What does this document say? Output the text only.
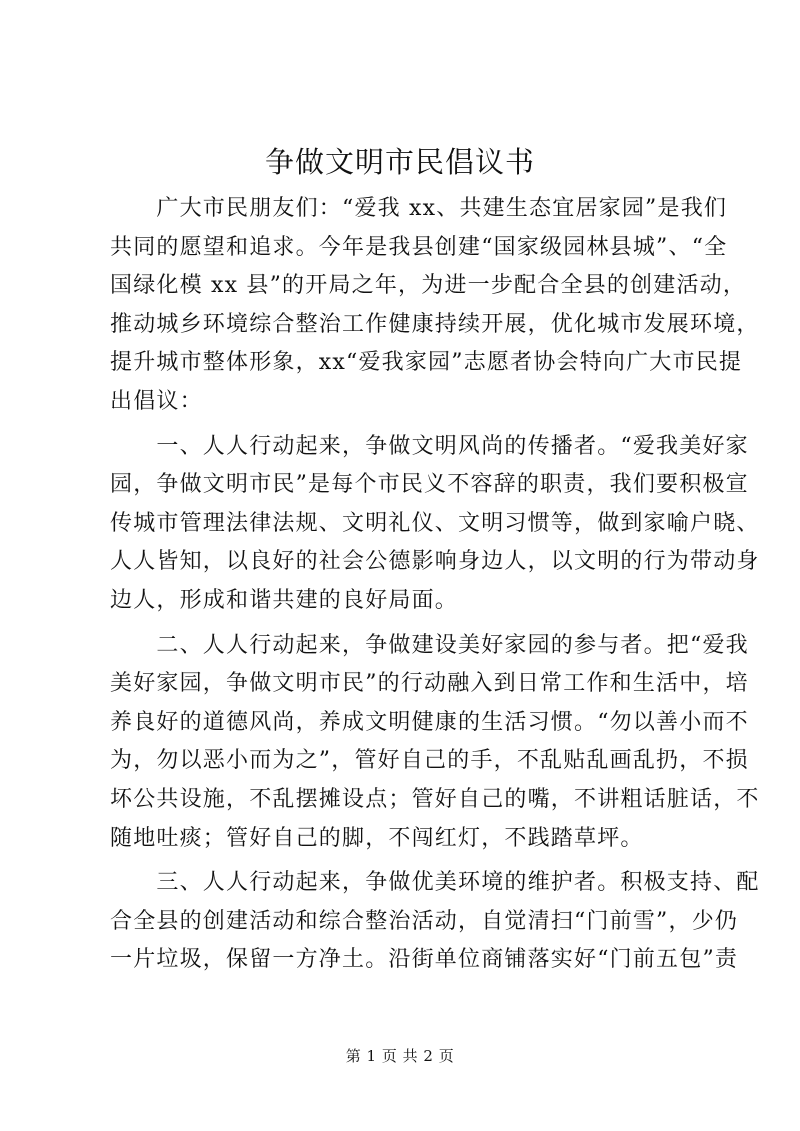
争做文明市民倡议书
　　广大市民朋友们：“爱我 xx、共建生态宜居家园”是我们
共同的愿望和追求。今年是我县创建“国家级园林县城”、“全
国绿化模 xx 县”的开局之年，为进一步配合全县的创建活动，
推动城乡环境综合整治工作健康持续开展，优化城市发展环境，
提升城市整体形象，xx“爱我家园”志愿者协会特向广大市民提
出倡议：
　　一、人人行动起来，争做文明风尚的传播者。“爱我美好家
园，争做文明市民”是每个市民义不容辞的职责，我们要积极宣
传城市管理法律法规、文明礼仪、文明习惯等，做到家喻户晓、
人人皆知，以良好的社会公德影响身边人，以文明的行为带动身
边人，形成和谐共建的良好局面。
　　二、人人行动起来，争做建设美好家园的参与者。把“爱我
美好家园，争做文明市民”的行动融入到日常工作和生活中，培
养良好的道德风尚，养成文明健康的生活习惯。“勿以善小而不
为，勿以恶小而为之”，管好自己的手，不乱贴乱画乱扔，不损
坏公共设施，不乱摆摊设点；管好自己的嘴，不讲粗话脏话，不
随地吐痰；管好自己的脚，不闯红灯，不践踏草坪。
　　三、人人行动起来，争做优美环境的维护者。积极支持、配
合全县的创建活动和综合整治活动，自觉清扫“门前雪”，少仍
一片垃圾，保留一方净土。沿街单位商铺落实好“门前五包”责
第 1 页 共 2 页
